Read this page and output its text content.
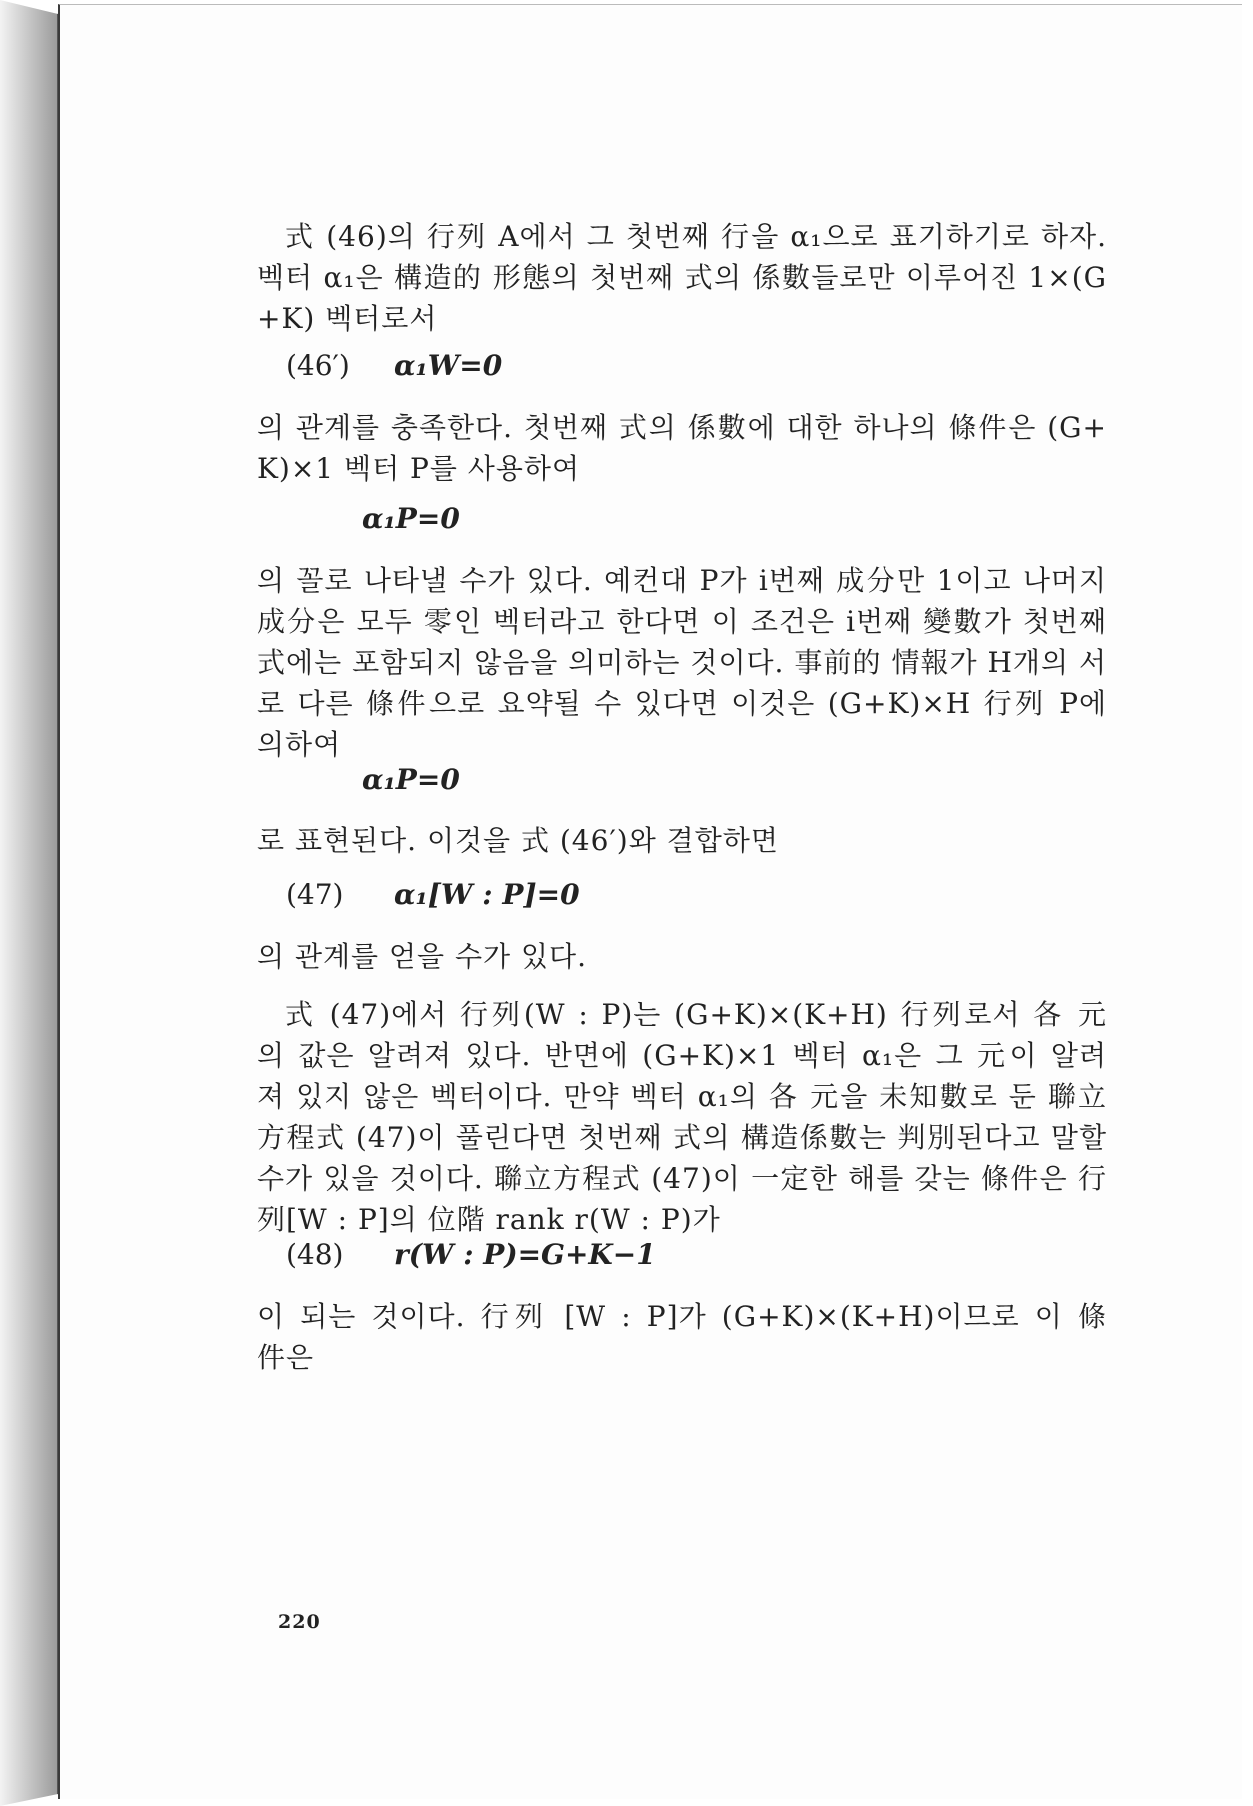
式 (46)의 行列 A에서 그 첫번째 行을 α₁으로 표기하기로 하자.
벡터 α₁은 構造的 形態의 첫번째 式의 係數들로만 이루어진 1×(G
+K) 벡터로서
(46′) α₁W=0
의 관계를 충족한다. 첫번째 式의 係數에 대한 하나의 條件은 (G+
K)×1 벡터 P를 사용하여
α₁P=0
의 꼴로 나타낼 수가 있다. 예컨대 P가 i번째 成分만 1이고 나머지
成分은 모두 零인 벡터라고 한다면 이 조건은 i번째 變數가 첫번째
式에는 포함되지 않음을 의미하는 것이다. 事前的 情報가 H개의 서
로 다른 條件으로 요약될 수 있다면 이것은 (G+K)×H 行列 P에
의하여
α₁P=0
로 표현된다. 이것을 式 (46′)와 결합하면
(47) α₁[W : P]=0
의 관계를 얻을 수가 있다.
式 (47)에서 行列(W : P)는 (G+K)×(K+H) 行列로서 各 元
의 값은 알려져 있다. 반면에 (G+K)×1 벡터 α₁은 그 元이 알려
져 있지 않은 벡터이다. 만약 벡터 α₁의 各 元을 未知數로 둔 聯立
方程式 (47)이 풀린다면 첫번째 式의 構造係數는 判別된다고 말할
수가 있을 것이다. 聯立方程式 (47)이 一定한 해를 갖는 條件은 行
列[W : P]의 位階 rank r(W : P)가
(48) r(W : P)=G+K−1
이 되는 것이다. 行列 [W : P]가 (G+K)×(K+H)이므로 이 條
件은
220
